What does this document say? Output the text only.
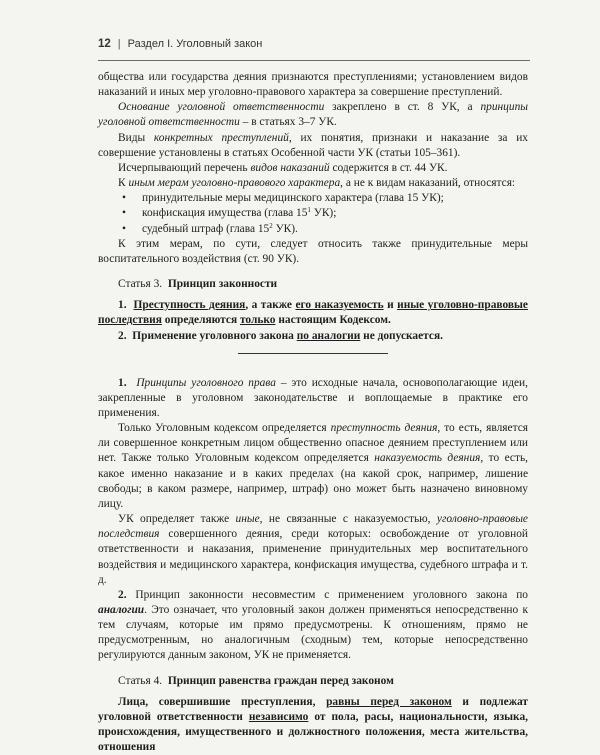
12 | Раздел I. Уголовный закон

общества или государства деяния признаются преступлениями; установлением видов наказаний и иных мер уголовно-правового характера за совершение преступлений.

Основание уголовной ответственности закреплено в ст. 8 УК, а принципы уголовной ответственности – в статьях 3–7 УК.

Виды конкретных преступлений, их понятия, признаки и наказание за их совершение установлены в статьях Особенной части УК (статьи 105–361).

Исчерпывающий перечень видов наказаний содержится в ст. 44 УК.

К иным мерам уголовно-правового характера, а не к видам наказаний, относятся:

• принудительные меры медицинского характера (глава 15 УК);
• конфискация имущества (глава $15^1$ УК);
• судебный штраф (глава $15^2$ УК).

К этим мерам, по сути, следует относить также принудительные меры воспитательного воздействия (ст. 90 УК).

Статья 3. Принцип законности

1. Преступность деяния, а также его наказуемость и иные уголовно-правовые последствия определяются только настоящим Кодексом.

2. Применение уголовного закона по аналогии не допускается.

1. Принципы уголовного права – это исходные начала, основополагающие идеи, закрепленные в уголовном законодательстве и воплощаемые в практике его применения.

Только Уголовным кодексом определяется преступность деяния, то есть, является ли совершенное конкретным лицом общественно опасное деянием преступлением или нет. Также только Уголовным кодексом определяется наказуемость деяния, то есть, какое именно наказание и в каких пределах (на какой срок, например, лишение свободы; в каком размере, например, штраф) оно может быть назначено виновному лицу.

УК определяет также иные, не связанные с наказуемостью, уголовно-правовые последствия совершенного деяния, среди которых: освобождение от уголовной ответственности и наказания, применение принудительных мер воспитательного воздействия и медицинского характера, конфискация имущества, судебного штрафа и т. д.

2. Принцип законности несовместим с применением уголовного закона по аналогии. Это означает, что уголовный закон должен применяться непосредственно к тем случаям, которые им прямо предусмотрены. К отношениям, прямо не предусмотренным, но аналогичным (сходным) тем, которые непосредственно регулируются данным законом, УК не применяется.

Статья 4. Принцип равенства граждан перед законом

Лица, совершившие преступления, равны перед законом и подлежат уголовной ответственности независимо от пола, расы, национальности, языка, происхождения, имущественного и должностного положения, места жительства, отношения
